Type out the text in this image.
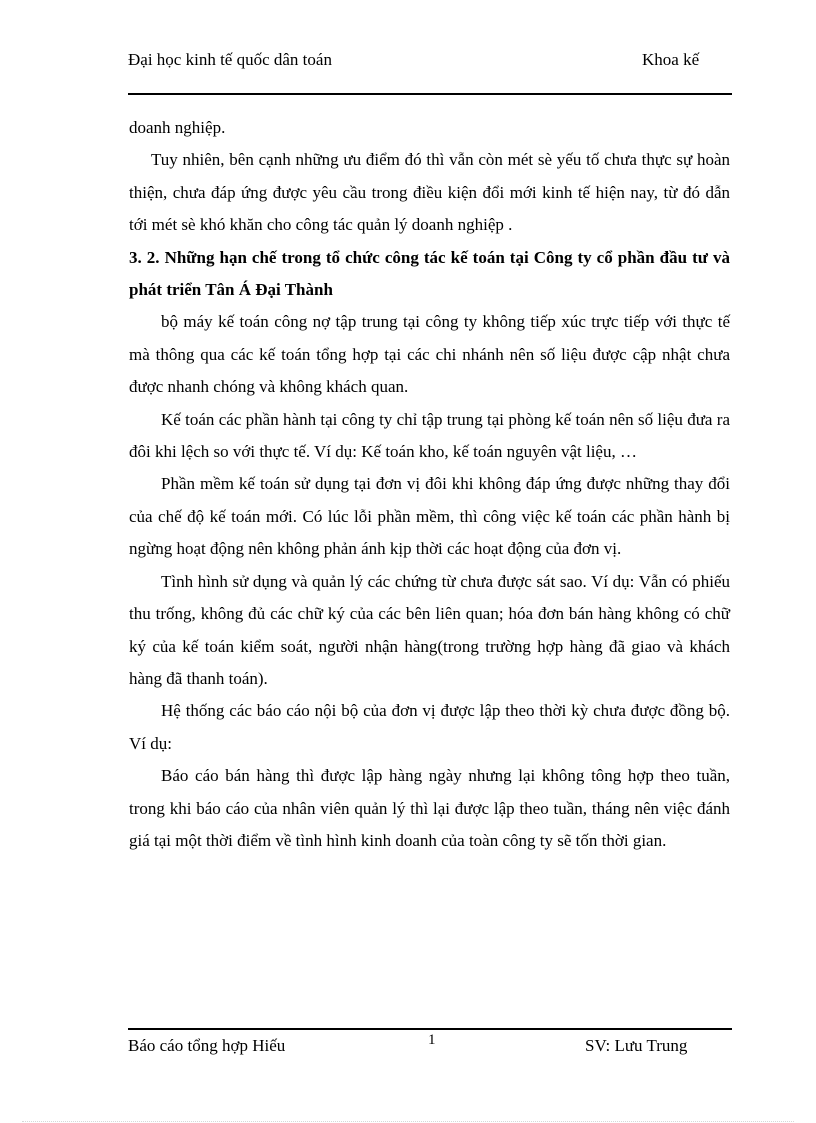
Đại học kinh tế quốc dân toán	Khoa kế

doanh nghiệp.

Tuy nhiên, bên cạnh những ưu điểm đó thì vẫn còn mét sè yếu tố chưa thực sự hoàn thiện, chưa đáp ứng được yêu cầu trong điều kiện đổi mới kinh tế hiện nay, từ đó dẫn tới mét sè khó khăn cho công tác quản lý doanh nghiệp .

3. 2. Những hạn chế trong tổ chức công tác kế toán tại Công ty cổ phần đầu tư và phát triển Tân Á Đại Thành

bộ máy kế toán công nợ tập trung tại công ty không tiếp xúc trực tiếp với thực tế mà thông qua các kế toán tổng hợp tại các chi nhánh nên số liệu được cập nhật chưa được nhanh chóng và không khách quan.

Kế toán các phần hành tại công ty chỉ tập trung tại phòng kế toán nên số liệu đưa ra đôi khi lệch so với thực tế. Ví dụ: Kế toán kho, kế toán nguyên vật liệu, …

Phần mềm kế toán sử dụng tại đơn vị đôi khi không đáp ứng được những thay đổi của chế độ kế toán mới. Có lúc lỗi phần mềm, thì công việc kế toán các phần hành bị ngừng hoạt động nên không phản ánh kịp thời các hoạt động của đơn vị.

Tình hình sử dụng và quản lý các chứng từ chưa được sát sao. Ví dụ: Vẫn có phiếu thu trống, không đủ các chữ ký của các bên liên quan; hóa đơn bán hàng không có chữ ký của kế toán kiểm soát, người nhận hàng(trong trường hợp hàng đã giao và khách hàng đã thanh toán).

Hệ thống các báo cáo nội bộ của đơn vị được lập theo thời kỳ chưa được đồng bộ. Ví dụ:

Báo cáo bán hàng thì được lập hàng ngày nhưng lại không tông hợp theo tuần, trong khi báo cáo của nhân viên quản lý thì lại được lập theo tuần, tháng nên việc đánh giá tại một thời điểm về tình hình kinh doanh của toàn công ty sẽ tốn thời gian.

Báo cáo tổng hợp Hiếu	1	SV: Lưu Trung
